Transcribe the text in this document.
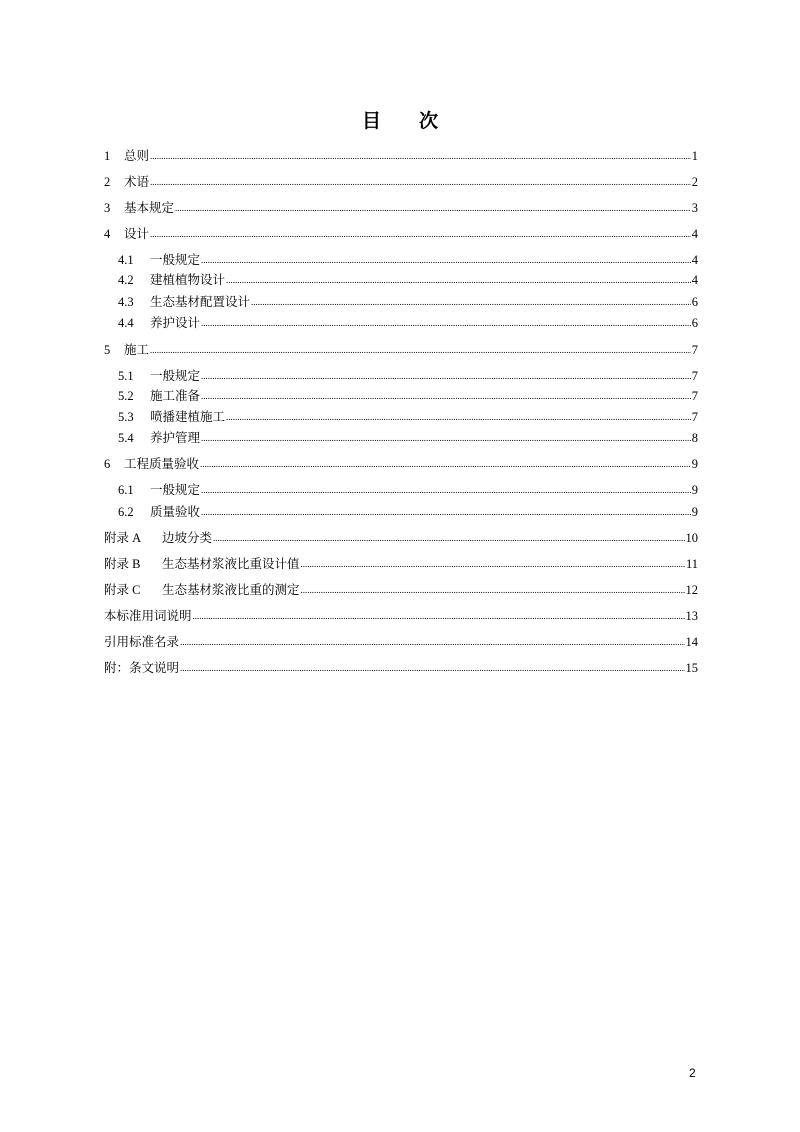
目 次
1	总则 .....	1
2	术语 .....	2
3	基本规定 .....	3
4	设计 .....	4
4.1	一般规定 .....	4
4.2	建植植物设计 .....	4
4.3	生态基材配置设计 .....	6
4.4	养护设计 .....	6
5	施工 .....	7
5.1	一般规定 .....	7
5.2	施工准备 .....	7
5.3	喷播建植施工 .....	7
5.4	养护管理 .....	8
6	工程质量验收 .....	9
6.1	一般规定 .....	9
6.2	质量验收 .....	9
附录 A	边坡分类 .....	10
附录 B	生态基材浆液比重设计值 .....	11
附录 C	生态基材浆液比重的测定 .....	12
本标准用词说明 .....	13
引用标准名录 .....	14
附：条文说明 .....	15
2
